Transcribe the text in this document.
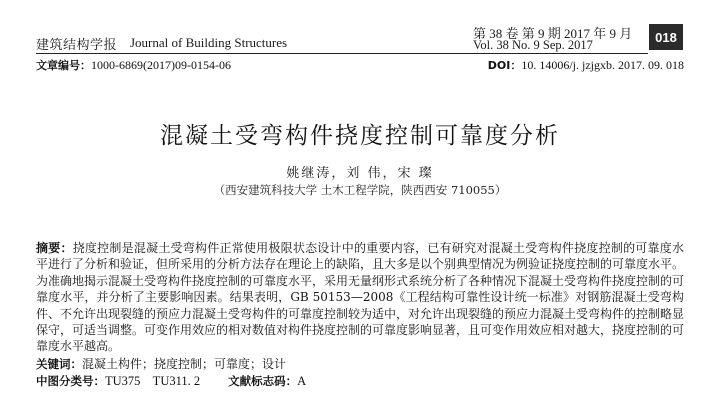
建筑结构学报 Journal of Building Structures
第 38 卷 第 9 期 2017 年 9 月
Vol. 38 No. 9 Sep. 2017
018
文章编号：1000-6869(2017)09-0154-06	DOI：10. 14006/j. jzjgxb. 2017. 09. 018
混凝土受弯构件挠度控制可靠度分析
姚继涛，刘 伟，宋 璨
（西安建筑科技大学 土木工程学院，陕西西安 710055）
摘要：挠度控制是混凝土受弯构件正常使用极限状态设计中的重要内容，已有研究对混凝土受弯构件挠度控制的可靠度水平进行了分析和验证，但所采用的分析方法存在理论上的缺陷，且大多是以个别典型情况为例验证挠度控制的可靠度水平。为准确地揭示混凝土受弯构件挠度控制的可靠度水平，采用无量纲形式系统分析了各种情况下混凝土受弯构件挠度控制的可靠度水平，并分析了主要影响因素。结果表明，GB 50153—2008《工程结构可靠性设计统一标准》对钢筋混凝土受弯构件、不允许出现裂缝的预应力混凝土受弯构件的可靠度控制较为适中，对允许出现裂缝的预应力混凝土受弯构件的控制略显保守，可适当调整。可变作用效应的相对数值对构件挠度控制的可靠度影响显著，且可变作用效应相对越大，挠度控制的可靠度水平越高。
关键词：混凝土构件；挠度控制；可靠度；设计
中图分类号：TU375    TU311. 2 文献标志码：A
